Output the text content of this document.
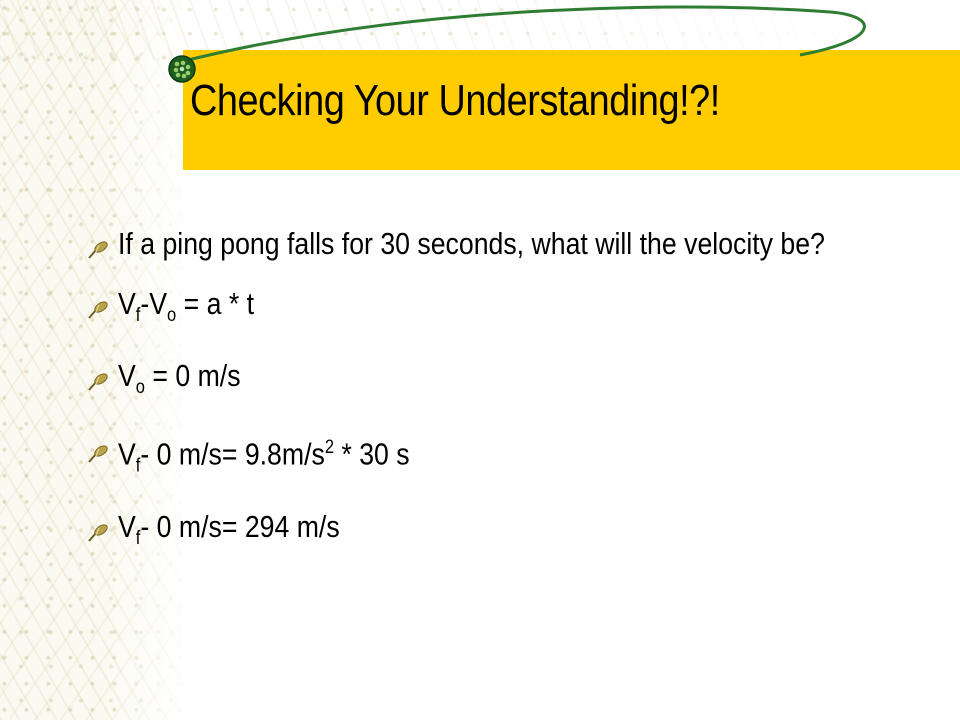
Checking Your Understanding!?!
If a ping pong falls for 30 seconds, what will the velocity be?
$V_f-V_o = a * t$
$V_o = 0$ m/s
$V_f-$ 0 $m/s= 9.8m/s^2 * 30$ s
$V_f-$ 0 m/s= 294 m/s
